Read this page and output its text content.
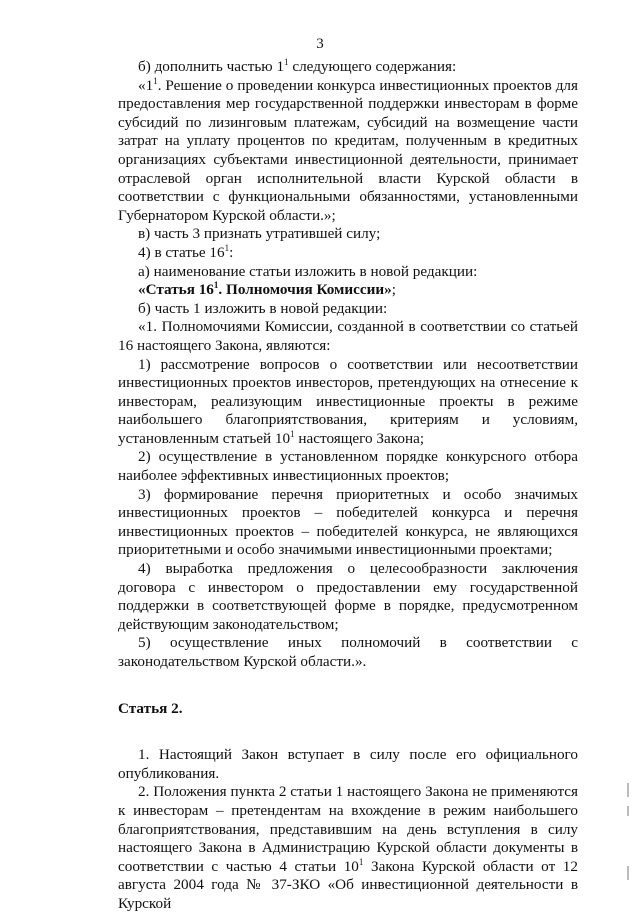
3

б) дополнить частью $1^1$ следующего содержания:

«$1^1$. Решение о проведении конкурса инвестиционных проектов для предоставления мер государственной поддержки инвесторам в форме субсидий по лизинговым платежам, субсидий на возмещение части затрат на уплату процентов по кредитам, полученным в кредитных организациях субъектами инвестиционной деятельности, принимает отраслевой орган исполнительной власти Курской области в соответствии с функциональными обязанностями, установленными Губернатором Курской области.»;

в) часть 3 признать утратившей силу;

4) в статье $16^1$:

а) наименование статьи изложить в новой редакции:

«Статья $16^1$. Полномочия Комиссии»;

б) часть 1 изложить в новой редакции:

«1. Полномочиями Комиссии, созданной в соответствии со статьей 16 настоящего Закона, являются:

1) рассмотрение вопросов о соответствии или несоответствии инвестиционных проектов инвесторов, претендующих на отнесение к инвесторам, реализующим инвестиционные проекты в режиме наибольшего благоприятствования, критериям и условиям, установленным статьей $10^1$ настоящего Закона;

2) осуществление в установленном порядке конкурсного отбора наиболее эффективных инвестиционных проектов;

3) формирование перечня приоритетных и особо значимых инвестиционных проектов – победителей конкурса и перечня инвестиционных проектов – победителей конкурса, не являющихся приоритетными и особо значимыми инвестиционными проектами;

4) выработка предложения о целесообразности заключения договора с инвестором о предоставлении ему государственной поддержки в соответствующей форме в порядке, предусмотренном действующим законодательством;

5) осуществление иных полномочий в соответствии с законодательством Курской области.».

Статья 2.

1. Настоящий Закон вступает в силу после его официального опубликования.

2. Положения пункта 2 статьи 1 настоящего Закона не применяются к инвесторам – претендентам на вхождение в режим наибольшего благоприятствования, представившим на день вступления в силу настоящего Закона в Администрацию Курской области документы в соответствии с частью 4 статьи $10^1$ Закона Курской области от 12 августа 2004 года № 37-ЗКО «Об инвестиционной деятельности в Курской
